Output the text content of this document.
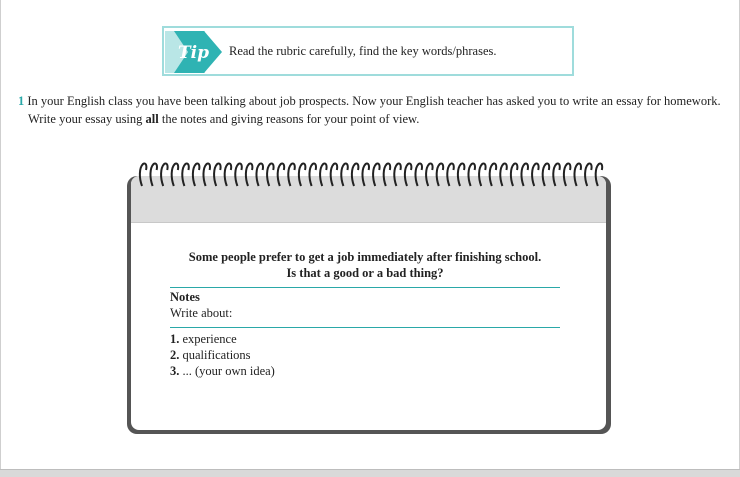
Tip Read the rubric carefully, find the key words/phrases.

1 In your English class you have been talking about job prospects. Now your English teacher has asked you to write an essay for homework.

Write your essay using all the notes and giving reasons for your point of view.

Some people prefer to get a job immediately after finishing school.
Is that a good or a bad thing?
Notes
Write about:
1. experience
2. qualifications
3. ... (your own idea)
